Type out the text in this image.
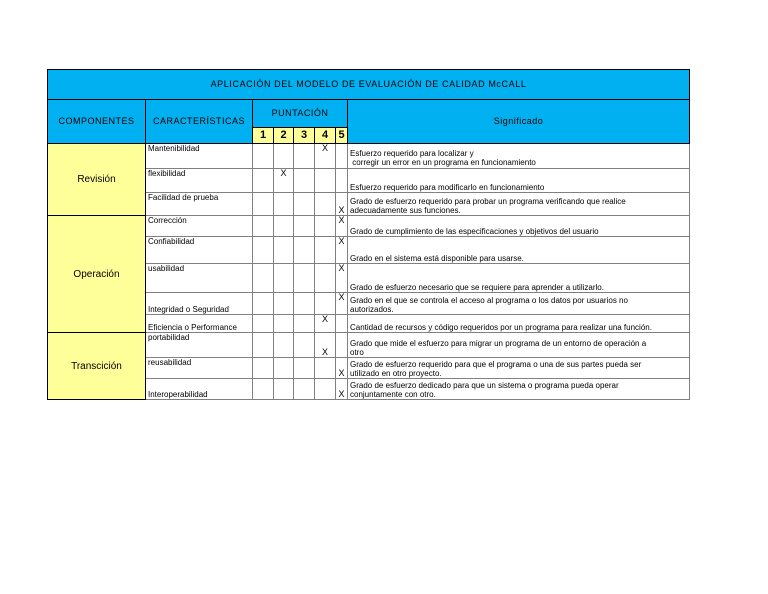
APLICACIÓN DEL MODELO DE EVALUACIÓN DE CALIDAD McCALL							
COMPONENTES	CARACTERÍSTICAS	PUNTACIÓN					Significado
		1	2	3	4	5	
Revisión	Mantenibilidad				X		Esfuerzo requerido para localizar y
corregir un error en un programa en funcionamiento
	flexibilidad		X				Esfuerzo requerido para modificarlo en funcionamiento
	Facilidad de prueba					X	Grado de esfuerzo requerido para probar un programa verificando que realice
adecuadamente sus funciones.
Operación	Corrección					X	Grado de cumplimiento de las especificaciones y objetivos del usuario
	Confiabilidad					X	Grado en el sistema está disponible para usarse.
	usabilidad					X	Grado de esfuerzo necesario que se requiere para aprender a utilizarlo.
	Integridad o Seguridad					X	Grado en el que se controla el acceso al programa o los datos por usuarios no
autorizados.
	Eficiencia o Performance				X		Cantidad de recursos y código requeridos por un programa para realizar una función.
Transcición	portabilidad				X		Grado que mide el esfuerzo para migrar un programa de un entorno de operación a
otro
	reusabilidad					X	Grado de esfuerzo requerido para que el programa o una de sus partes pueda ser
utilizado en otro proyecto.
	Interoperabilidad					X	Grado de esfuerzo dedicado para que un sistema o programa pueda operar
conjuntamente con otro.
